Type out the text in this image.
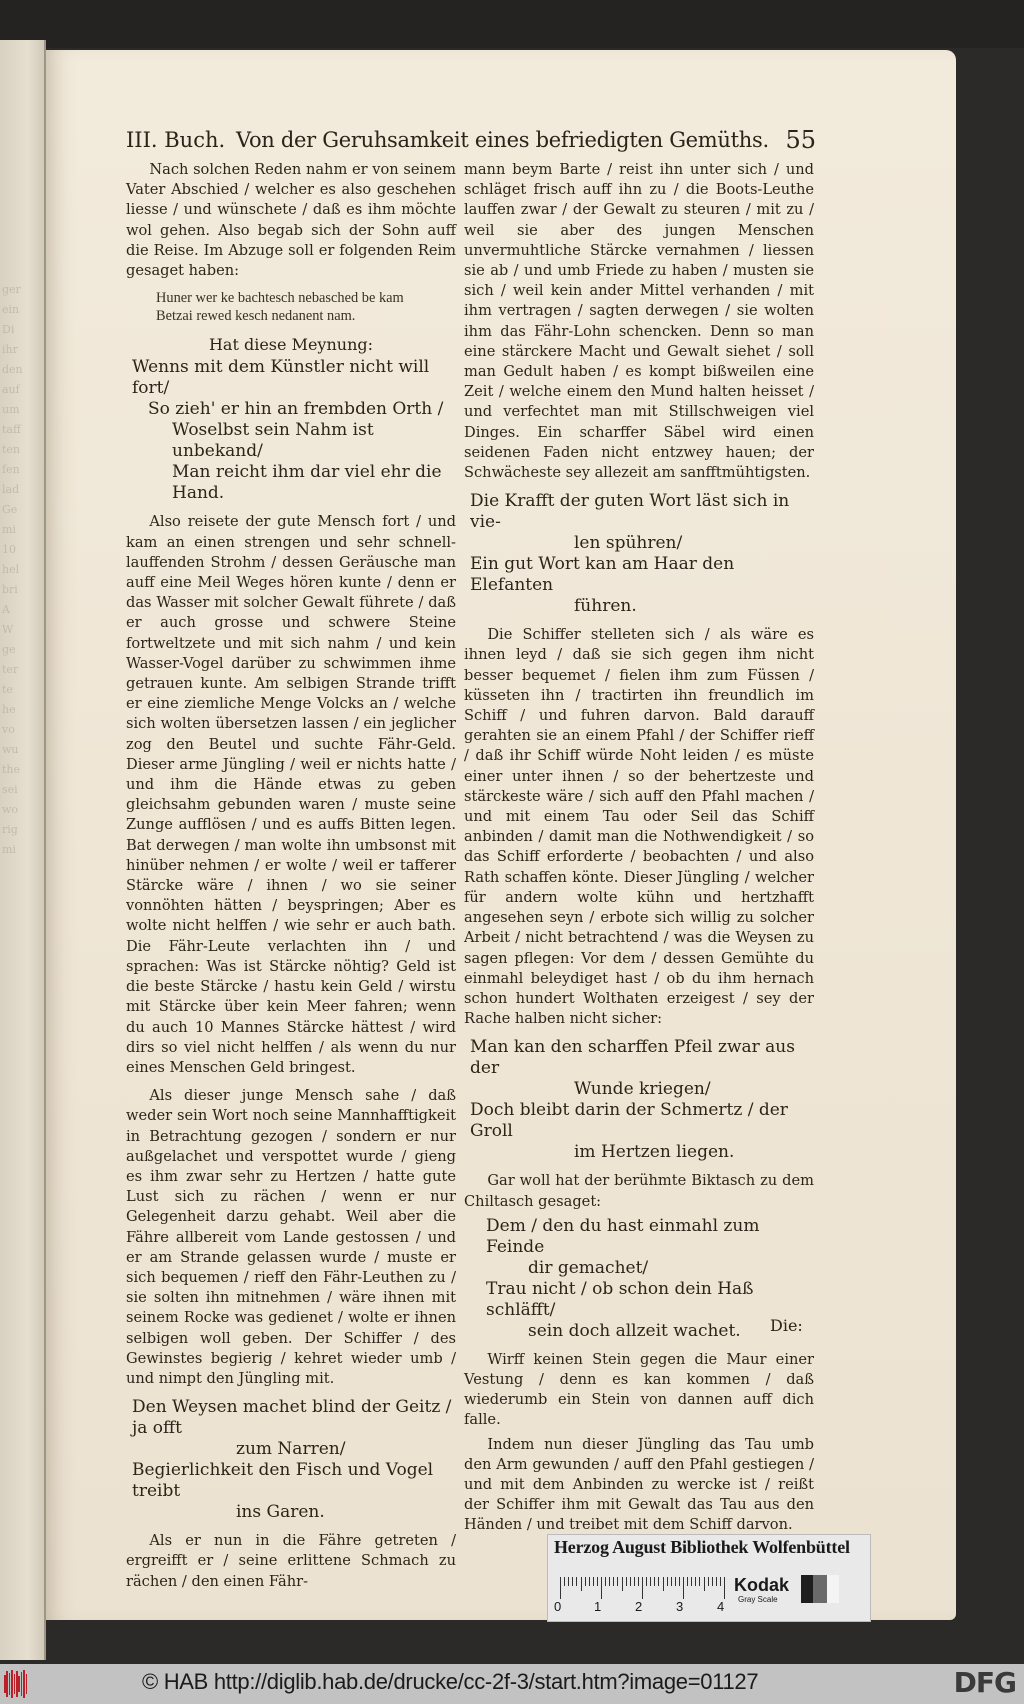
ger
ein
Di
ihr
den
auf
um
taff
ten
fen
lad
Ge
mi
10
hel
bri
A
W
ge
ter
te
he
vo
wu
the
sei
wo
rig
mi
III. Buch. Von der Geruhsamkeit eines befriedigten Gemüths. 55

Nach solchen Reden nahm er von seinem Vater Abschied / welcher es also geschehen liesse / und wünschete / daß es ihm möchte wol gehen. Also begab sich der Sohn auff die Reise. Im Abzuge soll er folgenden Reim gesaget haben:

Huner wer ke bachtesch nebasched be kam
Betzai rewed kesch nedanent nam.
Hat diese Meynung:
Wenns mit dem Künstler nicht will fort/
So zieh' er hin an frembden Orth /
Woselbst sein Nahm ist unbekand/
Man reicht ihm dar viel ehr die Hand.

Also reisete der gute Mensch fort / und kam an einen strengen und sehr schnell-lauffenden Strohm / dessen Geräusche man auff eine Meil Weges hören kunte / denn er das Wasser mit solcher Gewalt führete / daß er auch grosse und schwere Steine fortweltzete und mit sich nahm / und kein Wasser-Vogel darüber zu schwimmen ihme getrauen kunte. Am selbigen Strande trifft er eine ziemliche Menge Volcks an / welche sich wolten übersetzen lassen / ein jeglicher zog den Beutel und suchte Fähr-Geld. Dieser arme Jüngling / weil er nichts hatte / und ihm die Hände etwas zu geben gleichsahm gebunden waren / muste seine Zunge aufflösen / und es auffs Bitten legen. Bat derwegen / man wolte ihn umbsonst mit hinüber nehmen / er wolte / weil er tafferer Stärcke wäre / ihnen / wo sie seiner vonnöhten hätten / beyspringen; Aber es wolte nicht helffen / wie sehr er auch bath. Die Fähr-Leute verlachten ihn / und sprachen: Was ist Stärcke nöhtig? Geld ist die beste Stärcke / hastu kein Geld / wirstu mit Stärcke über kein Meer fahren; wenn du auch 10 Mannes Stärcke hättest / wird dirs so viel nicht helffen / als wenn du nur eines Menschen Geld bringest.

Als dieser junge Mensch sahe / daß weder sein Wort noch seine Mannhafftigkeit in Betrachtung gezogen / sondern er nur außgelachet und verspottet wurde / gieng es ihm zwar sehr zu Hertzen / hatte gute Lust sich zu rächen / wenn er nur Gelegenheit darzu gehabt. Weil aber die Fähre allbereit vom Lande gestossen / und er am Strande gelassen wurde / muste er sich bequemen / rieff den Fähr-Leuthen zu / sie solten ihn mitnehmen / wäre ihnen mit seinem Rocke was gedienet / wolte er ihnen selbigen woll geben. Der Schiffer / des Gewinstes begierig / kehret wieder umb / und nimpt den Jüngling mit.

Den Weysen machet blind der Geitz / ja offt
zum Narren/
Begierlichkeit den Fisch und Vogel treibt
ins Garen.

Als er nun in die Fähre getreten / ergreifft er / seine erlittene Schmach zu rächen / den einen Fähr-

mann beym Barte / reist ihn unter sich / und schläget frisch auff ihn zu / die Boots-Leuthe lauffen zwar / der Gewalt zu steuren / mit zu / weil sie aber des jungen Menschen unvermuhtliche Stärcke vernahmen / liessen sie ab / und umb Friede zu haben / musten sie sich / weil kein ander Mittel verhanden / mit ihm vertragen / sagten derwegen / sie wolten ihm das Fähr-Lohn schencken. Denn so man eine stärckere Macht und Gewalt siehet / soll man Gedult haben / es kompt bißweilen eine Zeit / welche einem den Mund halten heisset / und verfechtet man mit Stillschweigen viel Dinges. Ein scharffer Säbel wird einen seidenen Faden nicht entzwey hauen; der Schwächeste sey allezeit am sanfftmühtigsten.

Die Krafft der guten Wort läst sich in vie-
len spühren/
Ein gut Wort kan am Haar den Elefanten
führen.

Die Schiffer stelleten sich / als wäre es ihnen leyd / daß sie sich gegen ihm nicht besser bequemet / fielen ihm zum Füssen / küsseten ihn / tractirten ihn freundlich im Schiff / und fuhren darvon. Bald darauff gerahten sie an einem Pfahl / der Schiffer rieff / daß ihr Schiff würde Noht leiden / es müste einer unter ihnen / so der behertzeste und stärckeste wäre / sich auff den Pfahl machen / und mit einem Tau oder Seil das Schiff anbinden / damit man die Nothwendigkeit / so das Schiff erforderte / beobachten / und also Rath schaffen könte. Dieser Jüngling / welcher für andern wolte kühn und hertzhafft angesehen seyn / erbote sich willig zu solcher Arbeit / nicht betrachtend / was die Weysen zu sagen pflegen: Vor dem / dessen Gemühte du einmahl beleydiget hast / ob du ihm hernach schon hundert Wolthaten erzeigest / sey der Rache halben nicht sicher:

Man kan den scharffen Pfeil zwar aus der
Wunde kriegen/
Doch bleibt darin der Schmertz / der Groll
im Hertzen liegen.

Gar woll hat der berühmte Biktasch zu dem Chiltasch gesaget:

Dem / den du hast einmahl zum Feinde
dir gemachet/
Trau nicht / ob schon dein Haß schläfft/
sein doch allzeit wachet.

Wirff keinen Stein gegen die Maur einer Vestung / denn es kan kommen / daß wiederumb ein Stein von dannen auff dich falle.

Indem nun dieser Jüngling das Tau umb den Arm gewunden / auff den Pfahl gestiegen / und mit dem Anbinden zu wercke ist / reißt der Schiffer ihm mit Gewalt das Tau aus den Händen / und treibet mit dem Schiff darvon.

Die:
Herzog August Bibliothek Wolfenbüttel
0	1	2	3	4
Kodak
Gray Scale
© HAB http://diglib.hab.de/drucke/cc-2f-3/start.htm?image=01127	DFG
